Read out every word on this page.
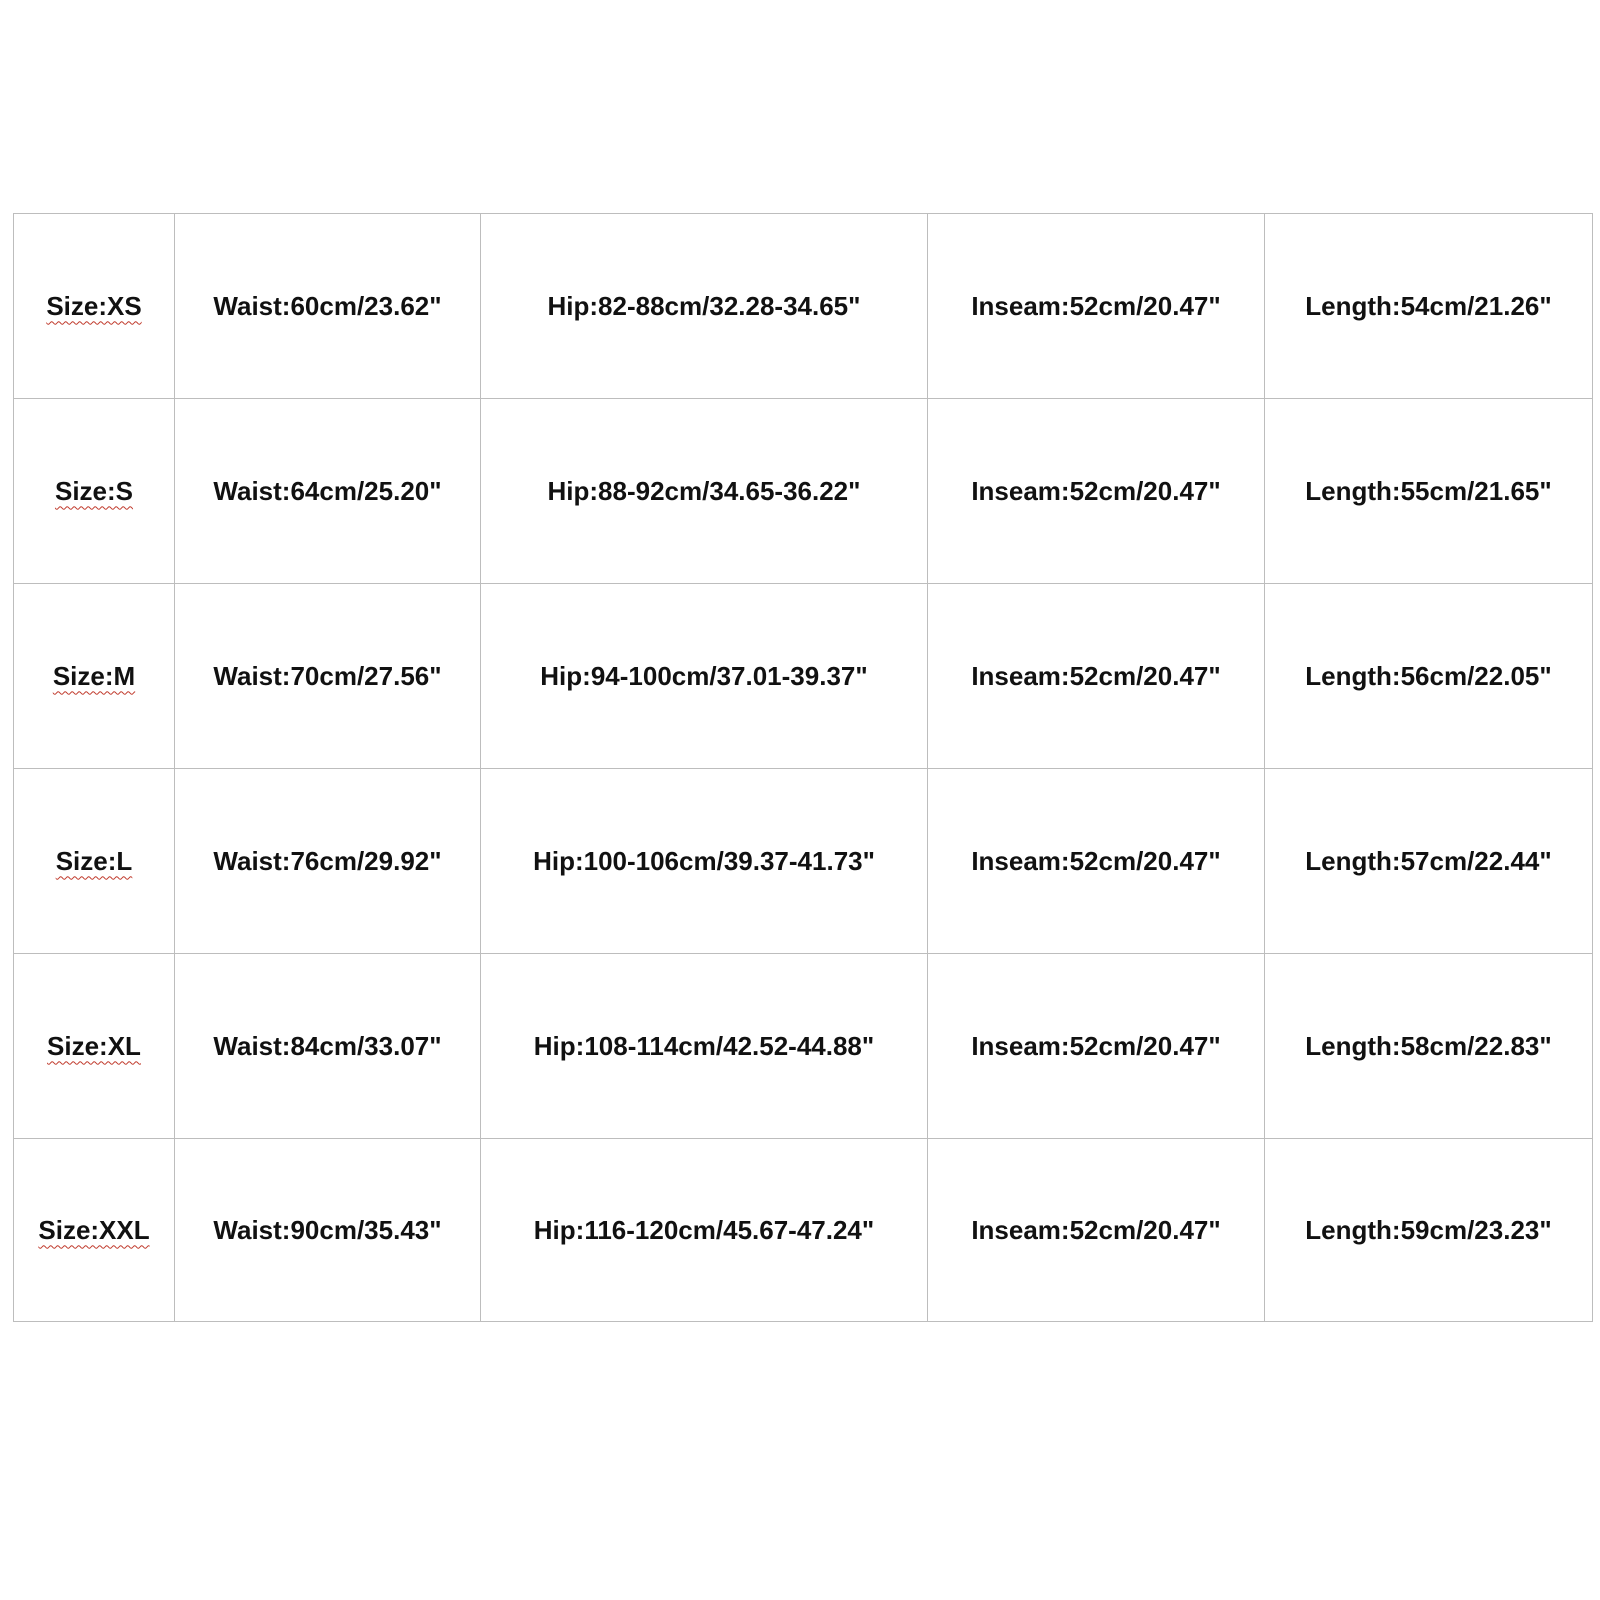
Size:XS	Waist:60cm/23.62"	Hip:82-88cm/32.28-34.65"	Inseam:52cm/20.47"	Length:54cm/21.26"
Size:S	Waist:64cm/25.20"	Hip:88-92cm/34.65-36.22"	Inseam:52cm/20.47"	Length:55cm/21.65"
Size:M	Waist:70cm/27.56"	Hip:94-100cm/37.01-39.37"	Inseam:52cm/20.47"	Length:56cm/22.05"
Size:L	Waist:76cm/29.92"	Hip:100-106cm/39.37-41.73"	Inseam:52cm/20.47"	Length:57cm/22.44"
Size:XL	Waist:84cm/33.07"	Hip:108-114cm/42.52-44.88"	Inseam:52cm/20.47"	Length:58cm/22.83"
Size:XXL	Waist:90cm/35.43"	Hip:116-120cm/45.67-47.24"	Inseam:52cm/20.47"	Length:59cm/23.23"
